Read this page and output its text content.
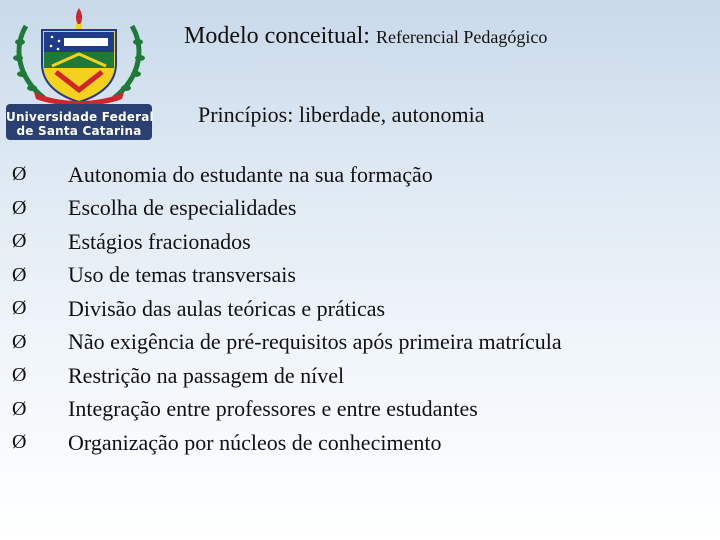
Universidade Federal
de Santa Catarina
Modelo conceitual: Referencial Pedagógico
Princípios: liberdade, autonomia
Ø	Autonomia do estudante na sua formação
Ø	Escolha de especialidades
Ø	Estágios fracionados
Ø	Uso de temas transversais
Ø	Divisão das aulas teóricas e práticas
Ø	Não exigência de pré-requisitos após primeira matrícula
Ø	Restrição na passagem de nível
Ø	Integração entre professores e entre estudantes
Ø	Organização por núcleos de conhecimento
